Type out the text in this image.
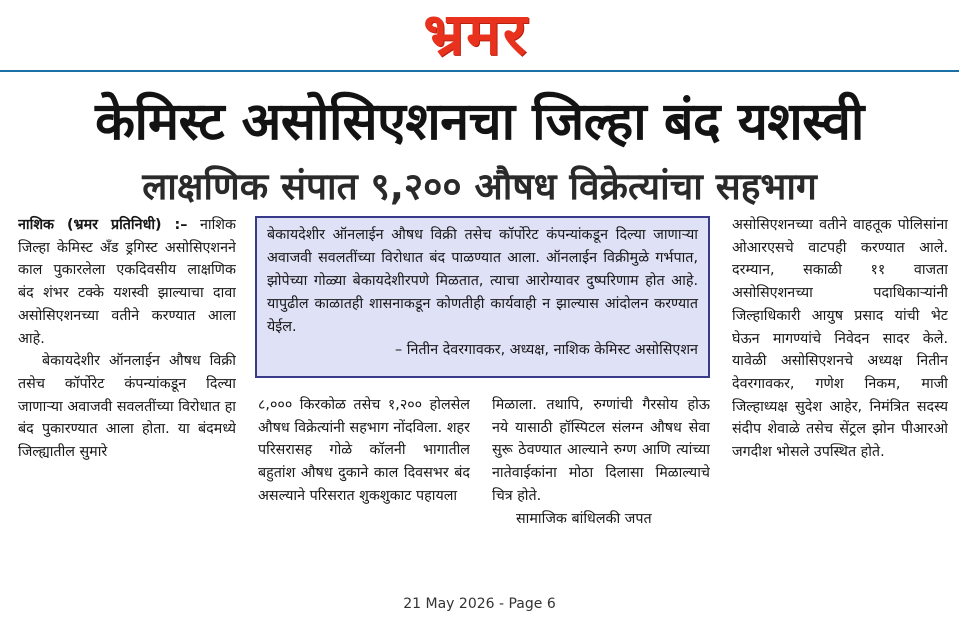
भ्रमर
केमिस्ट असोसिएशनचा जिल्हा बंद यशस्वी
लाक्षणिक संपात ९,२०० औषध विक्रेत्यांचा सहभाग

नाशिक (भ्रमर प्रतिनिधी) :– नाशिक जिल्हा केमिस्ट अँड ड्रगिस्ट असोसिएशनने काल पुकारलेला एकदिवसीय लाक्षणिक बंद शंभर टक्के यशस्वी झाल्याचा दावा असोसिएशनच्या वतीने करण्यात आला आहे.

बेकायदेशीर ऑनलाईन औषध विक्री तसेच कॉर्पोरेट कंपन्यांकडून दिल्या जाणाऱ्या अवाजवी सवलतींच्या विरोधात हा बंद पुकारण्यात आला होता. या बंदमध्ये जिल्ह्यातील सुमारे

बेकायदेशीर ऑनलाईन औषध विक्री तसेच कॉर्पोरेट कंपन्यांकडून दिल्या जाणाऱ्या अवाजवी सवलतींच्या विरोधात बंद पाळण्यात आला. ऑनलाईन विक्रीमुळे गर्भपात, झोपेच्या गोळ्या बेकायदेशीरपणे मिळतात, त्याचा आरोग्यावर दुष्परिणाम होत आहे. यापुढील काळातही शासनाकडून कोणतीही कार्यवाही न झाल्यास आंदोलन करण्यात येईल.
– नितीन देवरगावकर, अध्यक्ष, नाशिक केमिस्ट असोसिएशन

८,००० किरकोळ तसेच १,२०० होलसेल औषध विक्रेत्यांनी सहभाग नोंदविला. शहर परिसरासह गोळे कॉलनी भागातील बहुतांश औषध दुकाने काल दिवसभर बंद असल्याने परिसरात शुकशुकाट पहायला

मिळाला. तथापि, रुग्णांची गैरसोय होऊ नये यासाठी हॉस्पिटल संलग्न औषध सेवा सुरू ठेवण्यात आल्याने रुग्ण आणि त्यांच्या नातेवाईकांना मोठा दिलासा मिळाल्याचे चित्र होते.

सामाजिक बांधिलकी जपत

असोसिएशनच्या वतीने वाहतूक पोलिसांना ओआरएसचे वाटपही करण्यात आले. दरम्यान, सकाळी ११ वाजता असोसिएशनच्या पदाधिकाऱ्यांनी जिल्हाधिकारी आयुष प्रसाद यांची भेट घेऊन मागण्यांचे निवेदन सादर केले. यावेळी असोसिएशनचे अध्यक्ष नितीन देवरगावकर, गणेश निकम, माजी जिल्हाध्यक्ष सुदेश आहेर, निमंत्रित सदस्य संदीप शेवाळे तसेच सेंट्रल झोन पीआरओ जगदीश भोसले उपस्थित होते.

21 May 2026 - Page 6
